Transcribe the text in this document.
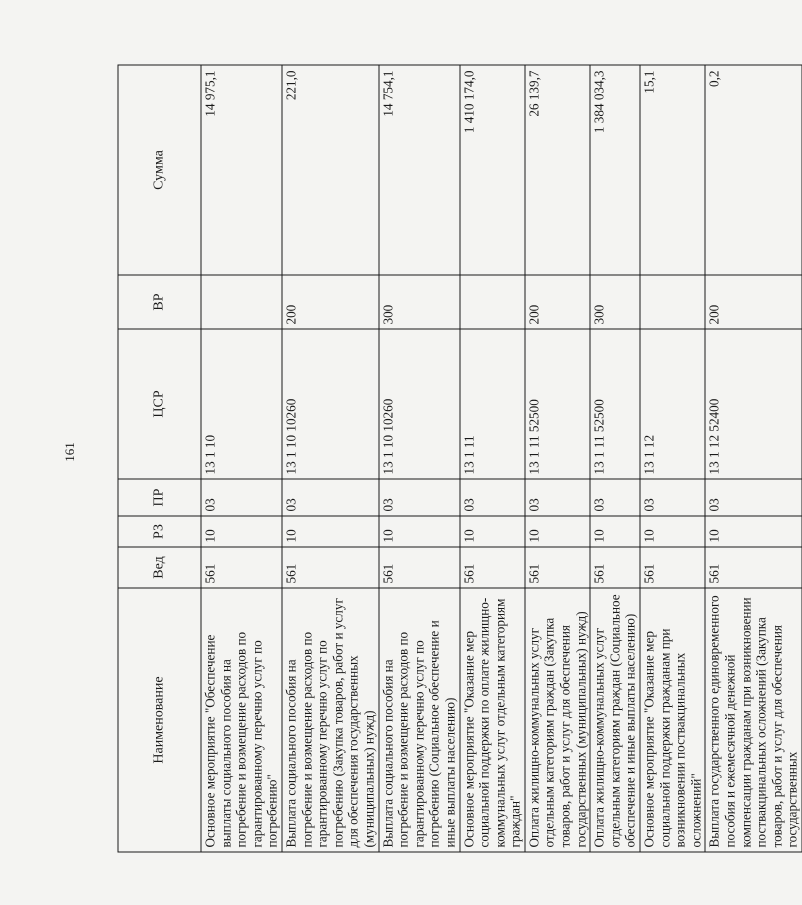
161
Наименование	Вед	РЗ	ПР	ЦСР	ВР	Сумма
Основное мероприятие "Обеспечение выплаты социального пособия на погребение и возмещение расходов по гарантированному перечню услуг по погребению"	561	10	03	13 1 10		14 975,1
Выплата социального пособия на погребение и возмещение расходов по гарантированному перечню услуг по погребению (Закупка товаров, работ и услуг для обеспечения государственных (муниципальных) нужд)	561	10	03	13 1 10 10260	200	221,0
Выплата социального пособия на погребение и возмещение расходов по гарантированному перечню услуг по погребению (Социальное обеспечение и иные выплаты населению)	561	10	03	13 1 10 10260	300	14 754,1
Основное мероприятие "Оказание мер социальной поддержки по оплате жилищно-коммунальных услуг отдельным категориям граждан"	561	10	03	13 1 11		1 410 174,0
Оплата жилищно-коммунальных услуг отдельным категориям граждан (Закупка товаров, работ и услуг для обеспечения государственных (муниципальных) нужд)	561	10	03	13 1 11 52500	200	26 139,7
Оплата жилищно-коммунальных услуг отдельным категориям граждан (Социальное обеспечение и иные выплаты населению)	561	10	03	13 1 11 52500	300	1 384 034,3
Основное мероприятие "Оказание мер социальной поддержки гражданам при возникновении поствакцинальных осложнений"	561	10	03	13 1 12		15,1
Выплата государственного единовременного пособия и ежемесячной денежной компенсации гражданам при возникновении поствакцинальных осложнений (Закупка товаров, работ и услуг для обеспечения государственных	561	10	03	13 1 12 52400	200	0,2
